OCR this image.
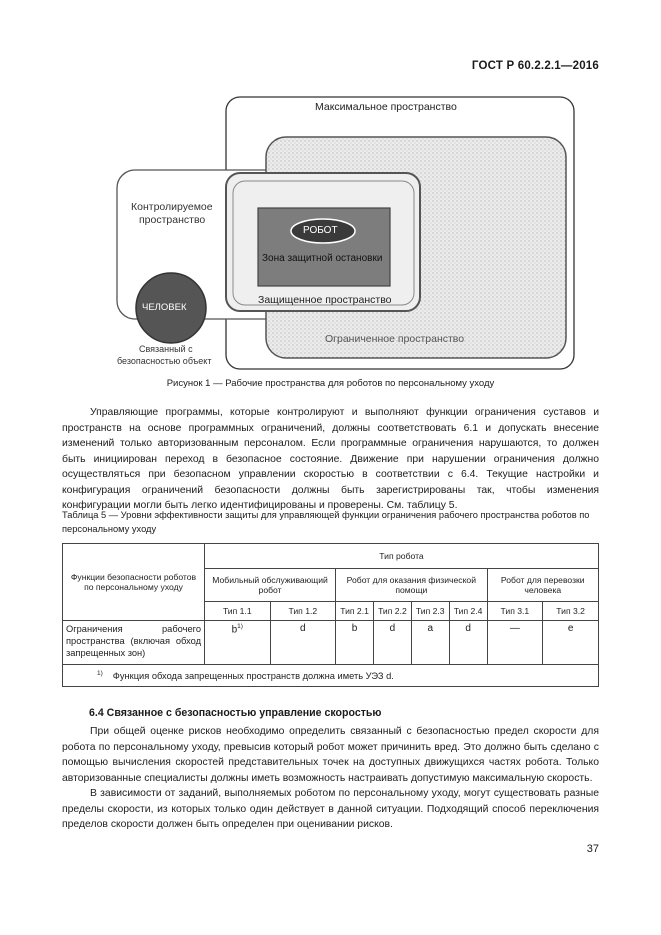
ГОСТ Р 60.2.2.1—2016
Максимальное пространство
Контролируемое
пространство
РОБОТ
Зона защитной остановки
Защищенное пространство
Ограниченное пространство
ЧЕЛОВЕК
Связанный с
безопасностью объект
Рисунок 1 — Рабочие пространства для роботов по персональному уходу

Управляющие программы, которые контролируют и выполняют функции ограничения суставов и пространств на основе программных ограничений, должны соответствовать 6.1 и допускать внесение изменений только авторизованным персоналом. Если программные ограничения нарушаются, то должен быть инициирован переход в безопасное состояние. Движение при нарушении ограничения должно осуществляться при безопасном управлении скоростью в соответствии с 6.4. Текущие настройки и конфигурация ограничений безопасности должны быть зарегистрированы так, чтобы изменения конфигурации могли быть легко идентифицированы и проверены. См. таблицу 5.

Таблица 5 — Уровни эффективности защиты для управляющей функции ограничения рабочего пространства роботов по персональному уходу
Функции безопасности роботов по персональному уходу	Тип робота							
	Мобильный обслуживающий робот		Робот для оказания физической помощи				Робот для перевозки человека	
	Тип 1.1	Тип 1.2	Тип 2.1	Тип 2.2	Тип 2.3	Тип 2.4	Тип 3.1	Тип 3.2
Ограничения рабочего пространства (включая обход запрещенных зон)	$b^{1)}$	d	b	d	a	d	—	e
$^{1)}$ Функция обхода запрещенных пространств должна иметь УЭЗ d.								
6.4 Связанное с безопасностью управление скоростью

При общей оценке рисков необходимо определить связанный с безопасностью предел скорости для робота по персональному уходу, превысив который робот может причинить вред. Это должно быть сделано с помощью вычисления скоростей представительных точек на доступных движущихся частях робота. Только авторизованные специалисты должны иметь возможность настраивать допустимую максимальную скорость.

В зависимости от заданий, выполняемых роботом по персональному уходу, могут существовать разные пределы скорости, из которых только один действует в данной ситуации. Подходящий способ переключения пределов скорости должен быть определен при оценивании рисков.

37
